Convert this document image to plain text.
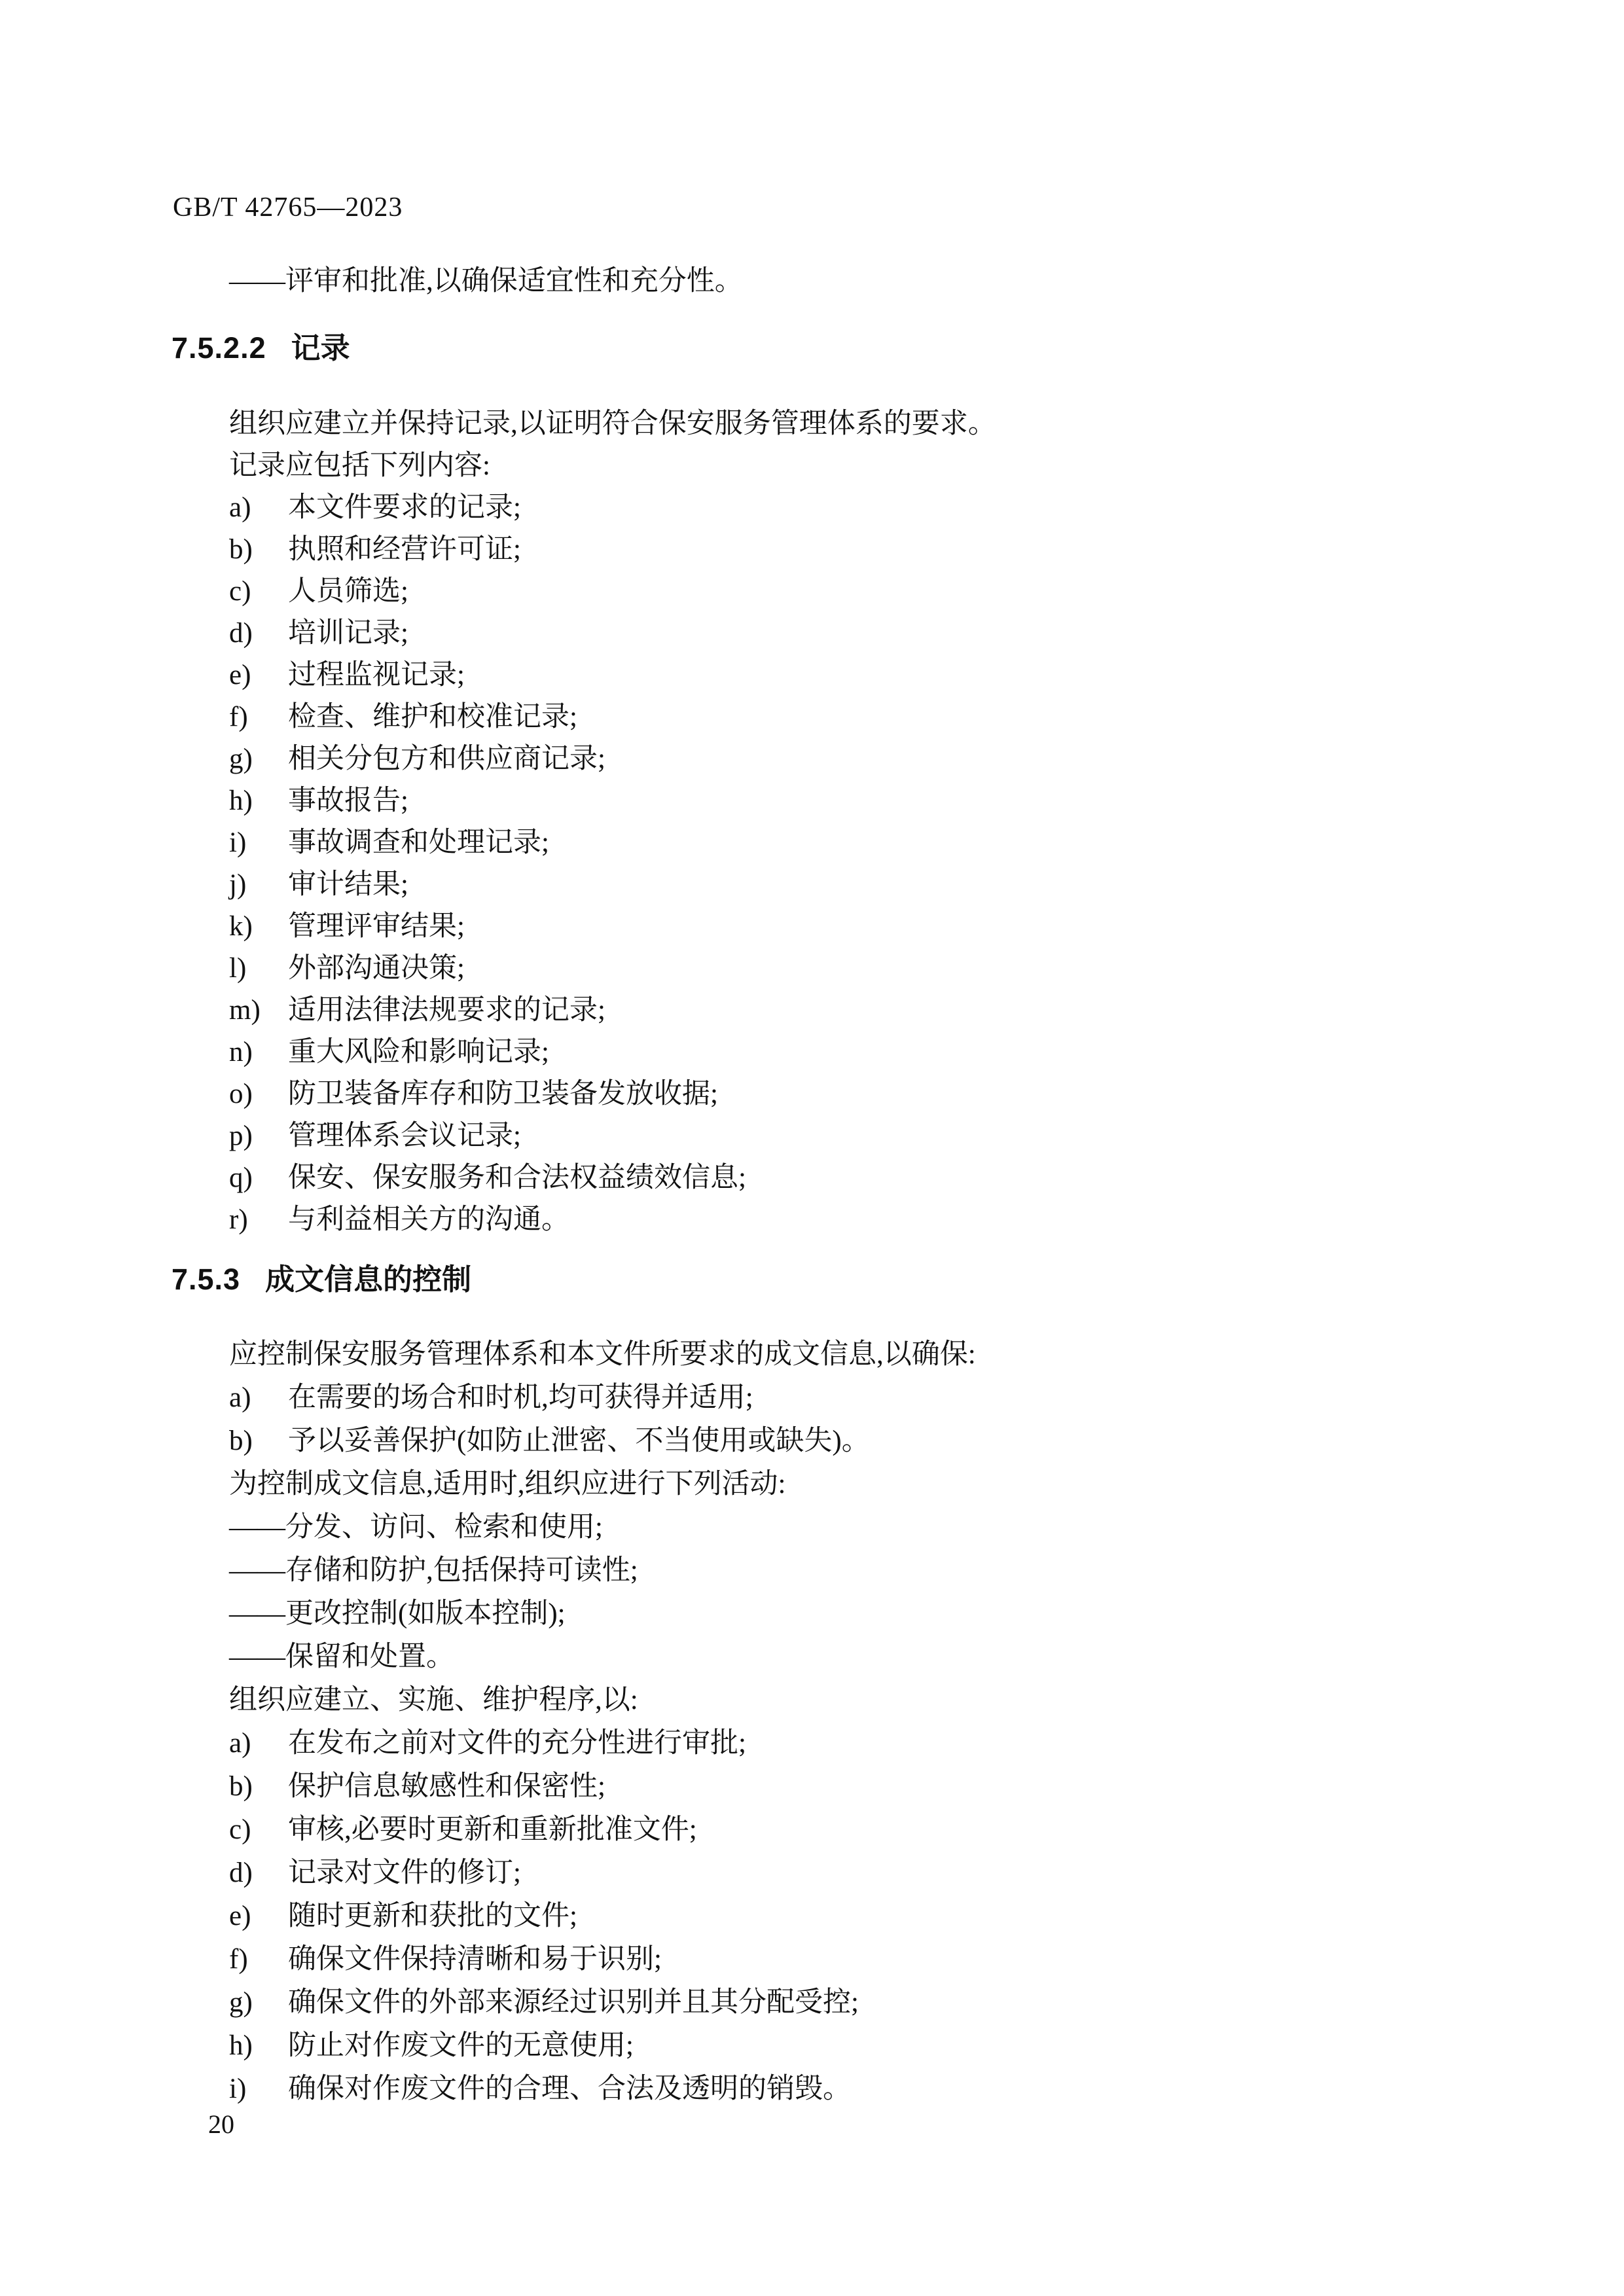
GB/T 42765—2023
——评审和批准,以确保适宜性和充分性。
7.5.2.2 记录
组织应建立并保持记录,以证明符合保安服务管理体系的要求。
记录应包括下列内容:
a)	本文件要求的记录;
b)	执照和经营许可证;
c)	人员筛选;
d)	培训记录;
e)	过程监视记录;
f)	检查、维护和校准记录;
g)	相关分包方和供应商记录;
h)	事故报告;
i)	事故调查和处理记录;
j)	审计结果;
k)	管理评审结果;
l)	外部沟通决策;
m) 适用法律法规要求的记录;
n)	重大风险和影响记录;
o)	防卫装备库存和防卫装备发放收据;
p)	管理体系会议记录;
q)	保安、保安服务和合法权益绩效信息;
r)	与利益相关方的沟通。
7.5.3 成文信息的控制
应控制保安服务管理体系和本文件所要求的成文信息,以确保:
a)	在需要的场合和时机,均可获得并适用;
b)	予以妥善保护(如防止泄密、不当使用或缺失)。
为控制成文信息,适用时,组织应进行下列活动:
——分发、访问、检索和使用;
——存储和防护,包括保持可读性;
——更改控制(如版本控制);
——保留和处置。
组织应建立、实施、维护程序,以:
a)	在发布之前对文件的充分性进行审批;
b)	保护信息敏感性和保密性;
c)	审核,必要时更新和重新批准文件;
d)	记录对文件的修订;
e)	随时更新和获批的文件;
f)	确保文件保持清晰和易于识别;
g)	确保文件的外部来源经过识别并且其分配受控;
h)	防止对作废文件的无意使用;
i)	确保对作废文件的合理、合法及透明的销毁。
20
